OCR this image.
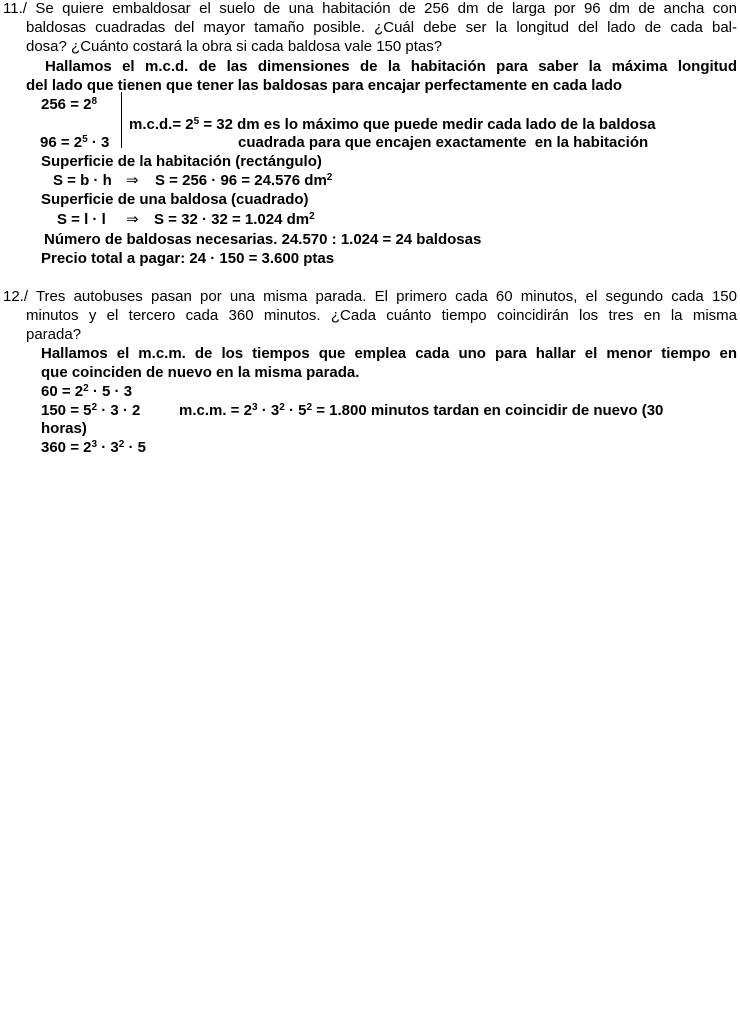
11./ Se quiere embaldosar el suelo de una habitación de 256 dm de larga por 96 dm de ancha con
baldosas cuadradas del mayor tamaño posible. ¿Cuál debe ser la longitud del lado de cada bal-
dosa? ¿Cuánto costará la obra si cada baldosa vale 150 ptas?
Hallamos el m.c.d. de las dimensiones de la habitación para saber la máxima longitud
del lado que tienen que tener las baldosas para encajar perfectamente en cada lado
$256 = 2^8$
$m.c.d.= 2^5 = 32$ dm es lo máximo que puede medir cada lado de la baldosa
$96 = 2^5 \cdot 3$	cuadrada para que encajen exactamente  en la habitación
Superficie de la habitación (rectángulo)
S = b · h ⇒ S = 256 · 96 = 24.576 $dm^2$
Superficie de una baldosa (cuadrado)
S = l · l ⇒ S = 32 · 32 = 1.024 $dm^2$
Número de baldosas necesarias. 24.570 : 1.024 = 24 baldosas
Precio total a pagar: 24 · 150 = 3.600 ptas
12./ Tres autobuses pasan por una misma parada. El primero cada 60 minutos, el segundo cada 150
minutos y el tercero cada 360 minutos. ¿Cada cuánto tiempo coincidirán los tres en la misma
parada?
Hallamos el m.c.m. de los tiempos que emplea cada uno para hallar el menor tiempo en
que coinciden de nuevo en la misma parada.
$60 = 2^2 \cdot 5 \cdot 3$
$150 = 5^2 \cdot 3 \cdot 2$	m.c.m. = $2^3 \cdot 3^2 \cdot 5^2 = 1.800$ minutos tardan en coincidir de nuevo (30
horas)
$360 = 2^3 \cdot 3^2 \cdot 5$
